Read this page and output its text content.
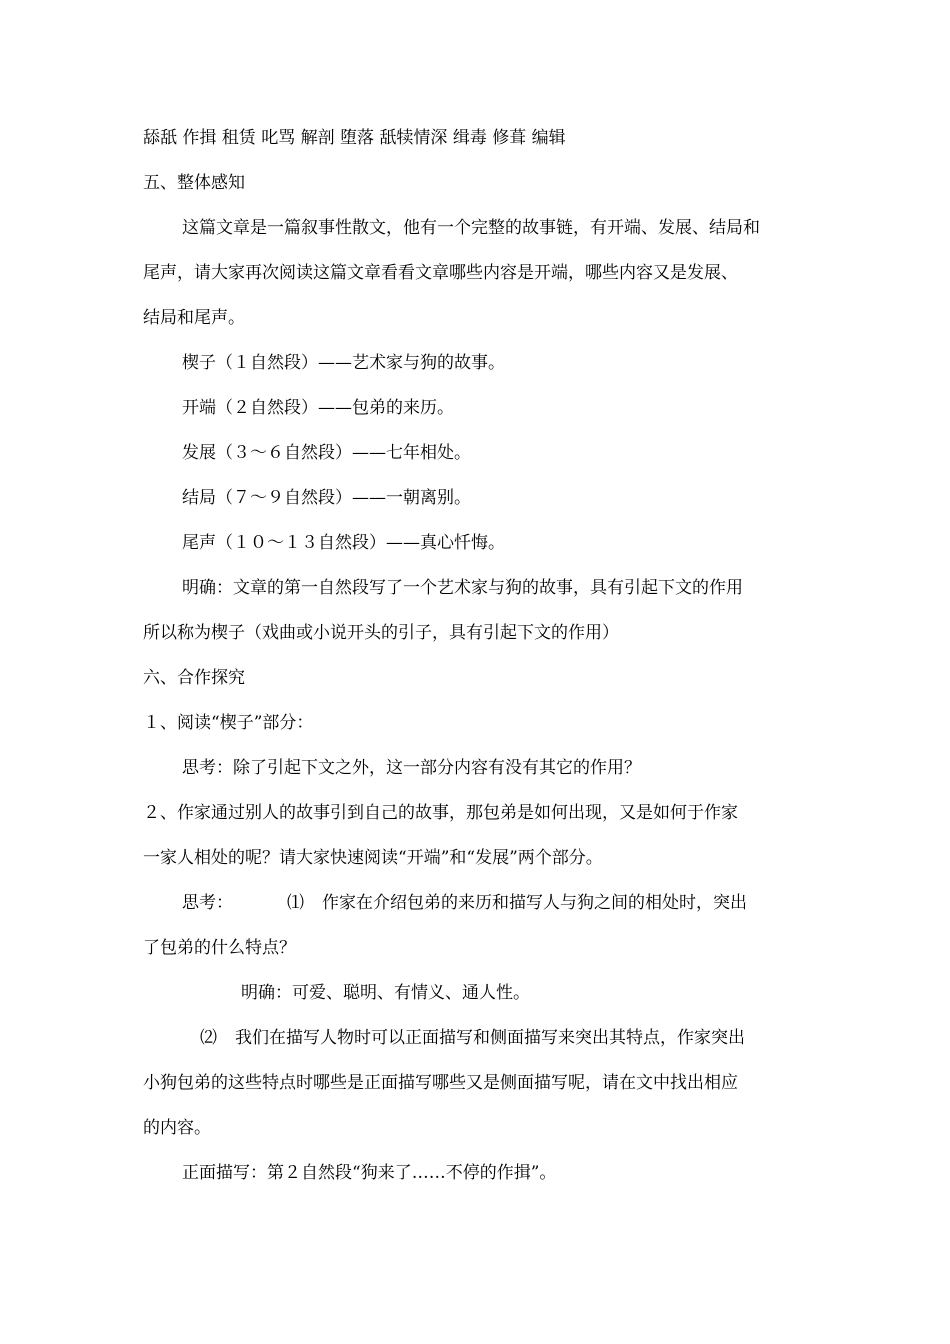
舔舐 作揖 租赁 叱骂 解剖 堕落 舐犊情深 缉毒 修葺 编辑
五、整体感知
这篇文章是一篇叙事性散文，他有一个完整的故事链，有开端、发展、结局和
尾声，请大家再次阅读这篇文章看看文章哪些内容是开端，哪些内容又是发展、
结局和尾声。
楔子（１自然段）——艺术家与狗的故事。
开端（２自然段）——包弟的来历。
发展（３～６自然段）——七年相处。
结局（７～９自然段）——一朝离别。
尾声（１０～１３自然段）——真心忏悔。
明确：文章的第一自然段写了一个艺术家与狗的故事，具有引起下文的作用
所以称为楔子（戏曲或小说开头的引子，具有引起下文的作用）
六、合作探究
１、阅读“楔子”部分：
思考：除了引起下文之外，这一部分内容有没有其它的作用？
２、作家通过别人的故事引到自己的故事，那包弟是如何出现，又是如何于作家
一家人相处的呢？请大家快速阅读“开端”和“发展”两个部分。
思考：	⑴ 作家在介绍包弟的来历和描写人与狗之间的相处时，突出
了包弟的什么特点？
明确：可爱、聪明、有情义、通人性。
⑵ 我们在描写人物时可以正面描写和侧面描写来突出其特点，作家突出
小狗包弟的这些特点时哪些是正面描写哪些又是侧面描写呢，请在文中找出相应
的内容。
正面描写：第２自然段“狗来了……不停的作揖”。
